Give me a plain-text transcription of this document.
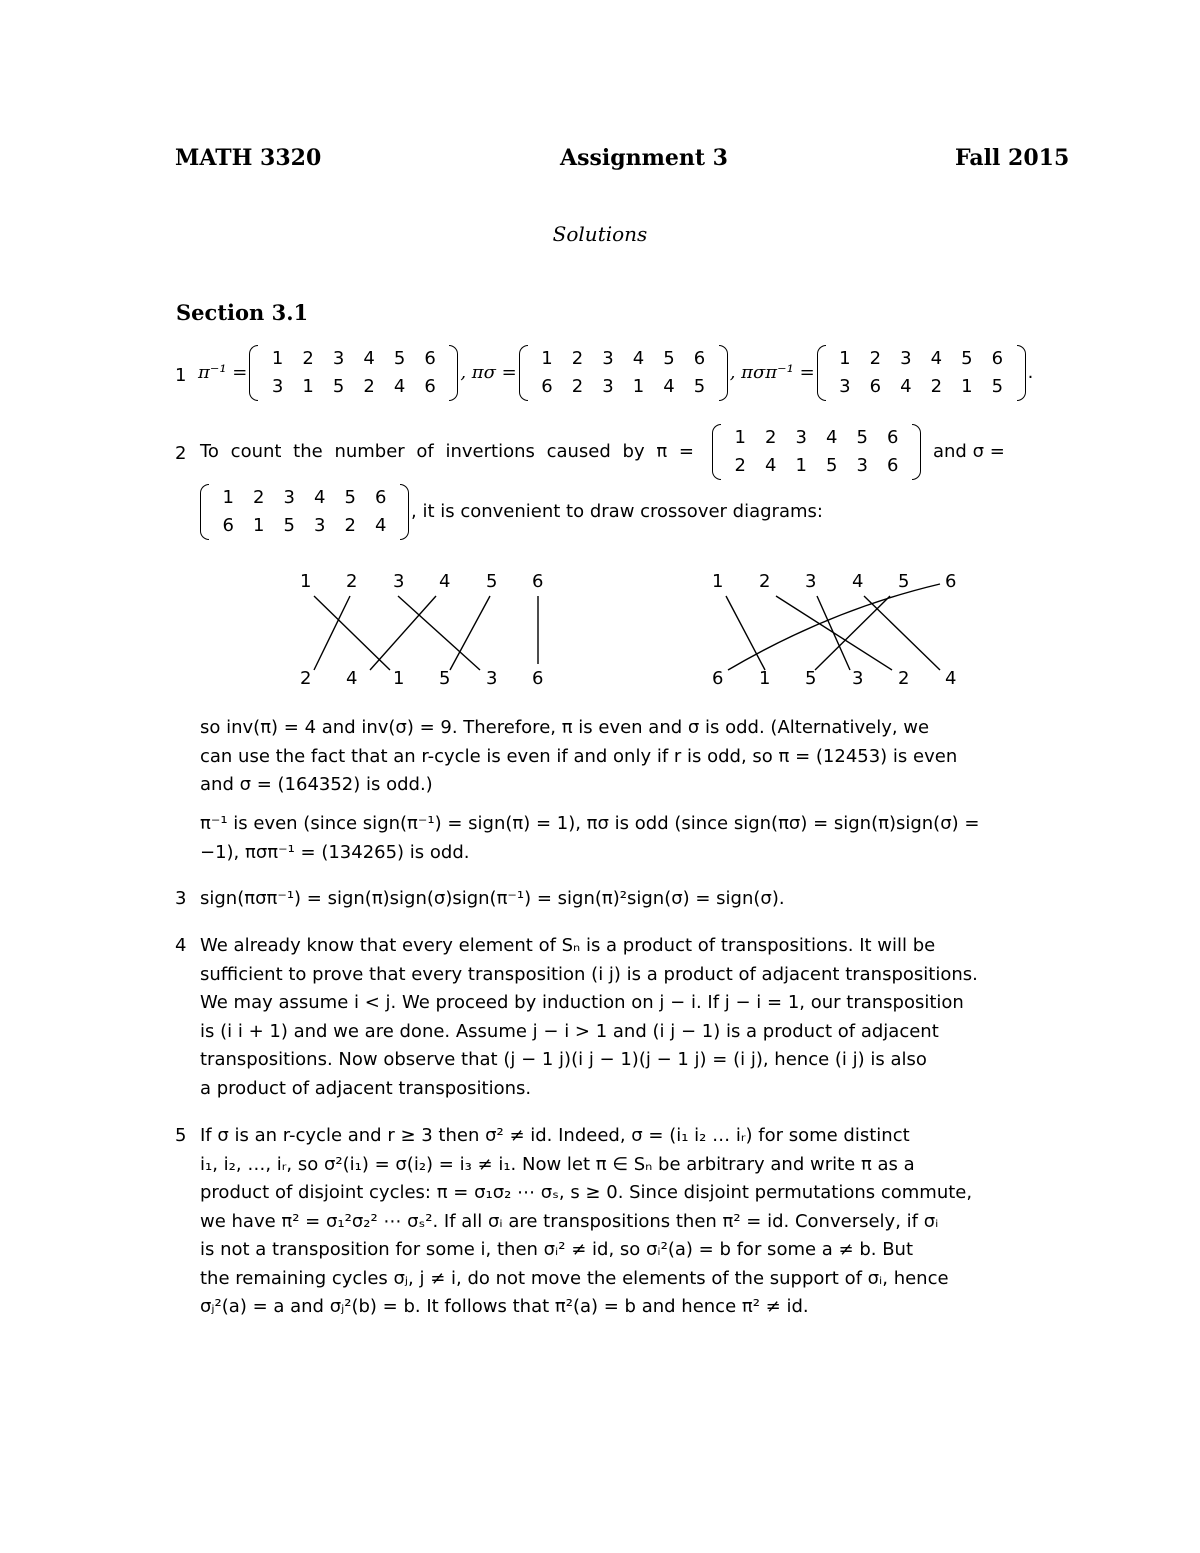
MATH 3320	Assignment 3	Fall 2015
Solutions
Section 3.1
1 π⁻¹ =
1	2	3	4	5	6
3	1	5	2	4	6
, πσ =
1	2	3	4	5	6
6	2	3	1	4	5
, πσπ⁻¹ =
1	2	3	4	5	6
3	6	4	2	1	5
.
2 To count the number of invertions caused by π =
1	2	3	4	5	6
2	4	1	5	3	6
and σ =
1	2	3	4	5	6
6	1	5	3	2	4
, it is convenient to draw crossover diagrams:
1 2 3 4 5 6
2 4 1 5 3 6
1 2 3 4 5 6
6 1 5 3 2 4
so inv(π) = 4 and inv(σ) = 9. Therefore, π is even and σ is odd. (Alternatively, we
can use the fact that an r-cycle is even if and only if r is odd, so π = (12453) is even
and σ = (164352) is odd.)
π⁻¹ is even (since sign(π⁻¹) = sign(π) = 1), πσ is odd (since sign(πσ) = sign(π)sign(σ) =
−1), πσπ⁻¹ = (134265) is odd.
3 sign(πσπ⁻¹) = sign(π)sign(σ)sign(π⁻¹) = sign(π)²sign(σ) = sign(σ).
4 We already know that every element of Sₙ is a product of transpositions. It will be
sufficient to prove that every transposition (i j) is a product of adjacent transpositions.
We may assume i < j. We proceed by induction on j − i. If j − i = 1, our transposition
is (i i + 1) and we are done. Assume j − i > 1 and (i j − 1) is a product of adjacent
transpositions. Now observe that (j − 1 j)(i j − 1)(j − 1 j) = (i j), hence (i j) is also
a product of adjacent transpositions.
5 If σ is an r-cycle and r ≥ 3 then σ² ≠ id. Indeed, σ = (i₁ i₂ … iᵣ) for some distinct
i₁, i₂, …, iᵣ, so σ²(i₁) = σ(i₂) = i₃ ≠ i₁. Now let π ∈ Sₙ be arbitrary and write π as a
product of disjoint cycles: π = σ₁σ₂ ⋯ σₛ, s ≥ 0. Since disjoint permutations commute,
we have π² = σ₁²σ₂² ⋯ σₛ². If all σᵢ are transpositions then π² = id. Conversely, if σᵢ
is not a transposition for some i, then σᵢ² ≠ id, so σᵢ²(a) = b for some a ≠ b. But
the remaining cycles σⱼ, j ≠ i, do not move the elements of the support of σᵢ, hence
σⱼ²(a) = a and σⱼ²(b) = b. It follows that π²(a) = b and hence π² ≠ id.
